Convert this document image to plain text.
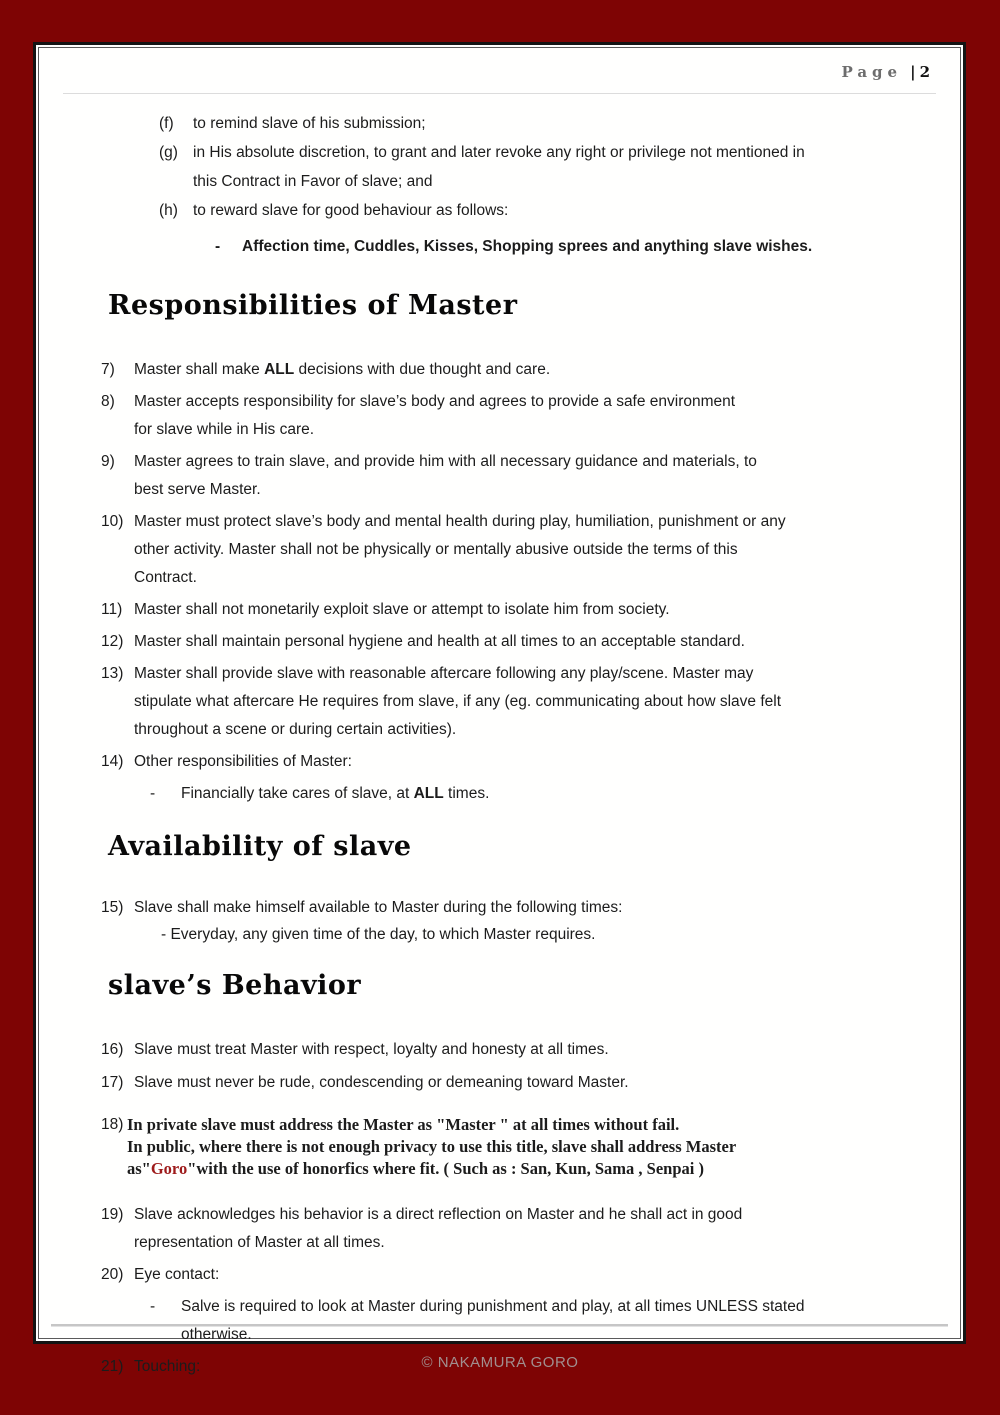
Page | 2
(f)	to remind slave of his submission;
(g) in His absolute discretion, to grant and later revoke any right or privilege not mentioned in
this Contract in Favor of slave; and
(h) to reward slave for good behaviour as follows:
-	Affection time, Cuddles, Kisses, Shopping sprees and anything slave wishes.
Responsibilities of Master
7)	Master shall make ALL decisions with due thought and care.
8)	Master accepts responsibility for slave’s body and agrees to provide a safe environment
for slave while in His care.
9)	Master agrees to train slave, and provide him with all necessary guidance and materials, to
best serve Master.
10) Master must protect slave’s body and mental health during play, humiliation, punishment or any
other activity. Master shall not be physically or mentally abusive outside the terms of this
Contract.
11) Master shall not monetarily exploit slave or attempt to isolate him from society.
12) Master shall maintain personal hygiene and health at all times to an acceptable standard.
13) Master shall provide slave with reasonable aftercare following any play/scene. Master may
stipulate what aftercare He requires from slave, if any (eg. communicating about how slave felt
throughout a scene or during certain activities).
14) Other responsibilities of Master:
-	Financially take cares of slave, at ALL times.
Availability of slave
15) Slave shall make himself available to Master during the following times:
- Everyday, any given time of the day, to which Master requires.
slave’s Behavior
16) Slave must treat Master with respect, loyalty and honesty at all times.
17) Slave must never be rude, condescending or demeaning toward Master.
18) In private slave must address the Master as "Master " at all times without fail.
In public, where there is not enough privacy to use this title, slave shall address Master
as"Goro"with the use of honorfics where fit. ( Such as : San, Kun, Sama , Senpai )
19) Slave acknowledges his behavior is a direct reflection on Master and he shall act in good
representation of Master at all times.
20) Eye contact:
-	Salve is required to look at Master during punishment and play, at all times UNLESS stated
otherwise.
21) Touching:	© NAKAMURA GORO
